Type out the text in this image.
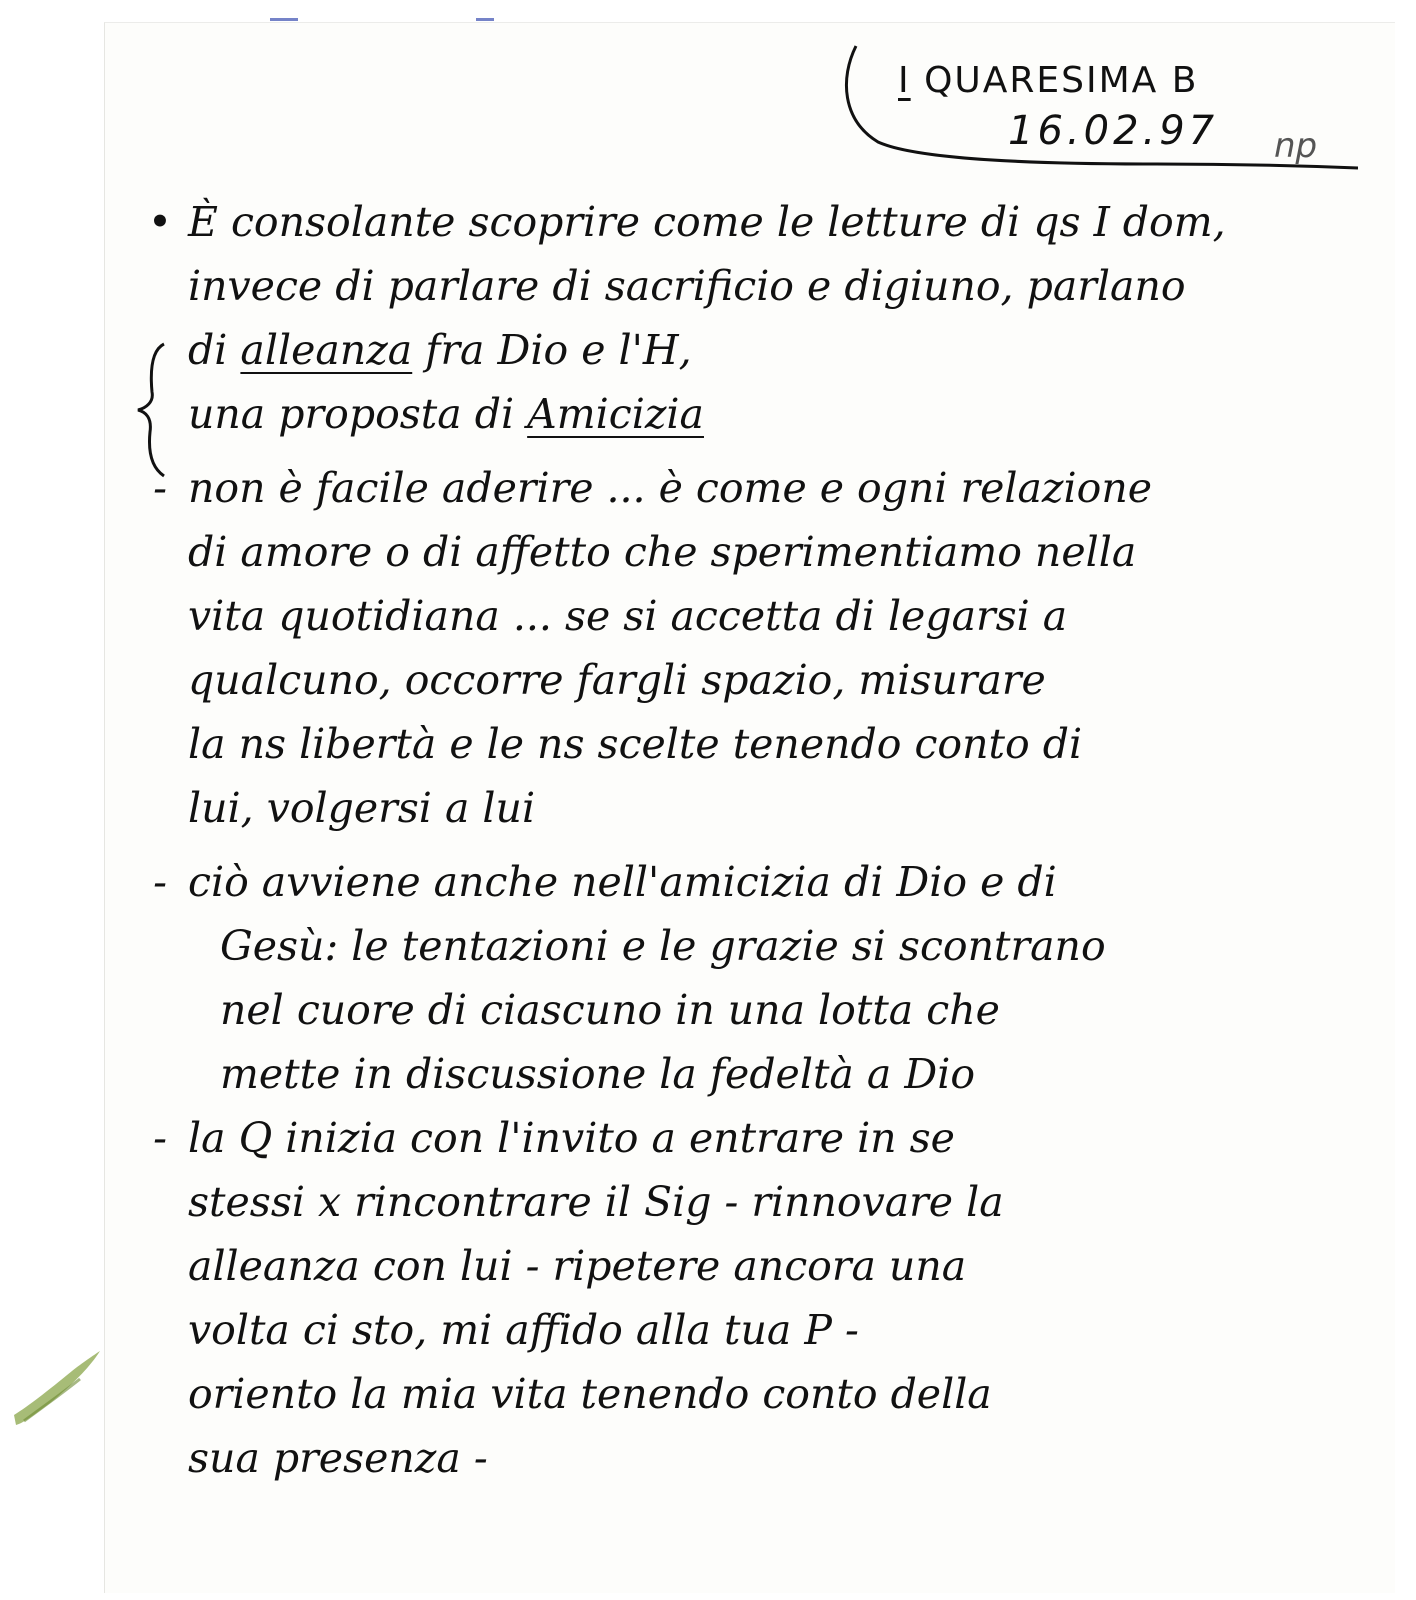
I QUARESIMA B
16.02.97 np
• È consolante scoprire come le letture di qs I dom,
invece di parlare di sacrificio e digiuno, parlano
di alleanza fra Dio e l'H,
una proposta di Amicizia
- non è facile aderire ... è come e ogni relazione
di amore o di affetto che sperimentiamo nella
vita quotidiana ... se si accetta di legarsi a
qualcuno, occorre fargli spazio, misurare
la ns libertà e le ns scelte tenendo conto di
lui, volgersi a lui
- ciò avviene anche nell'amicizia di Dio e di
Gesù: le tentazioni e le grazie si scontrano
nel cuore di ciascuno in una lotta che
mette in discussione la fedeltà a Dio
- la Q inizia con l'invito a entrare in se
stessi x rincontrare il Sig - rinnovare la
alleanza con lui - ripetere ancora una
volta ci sto, mi affido alla tua P -
oriento la mia vita tenendo conto della
sua presenza -
